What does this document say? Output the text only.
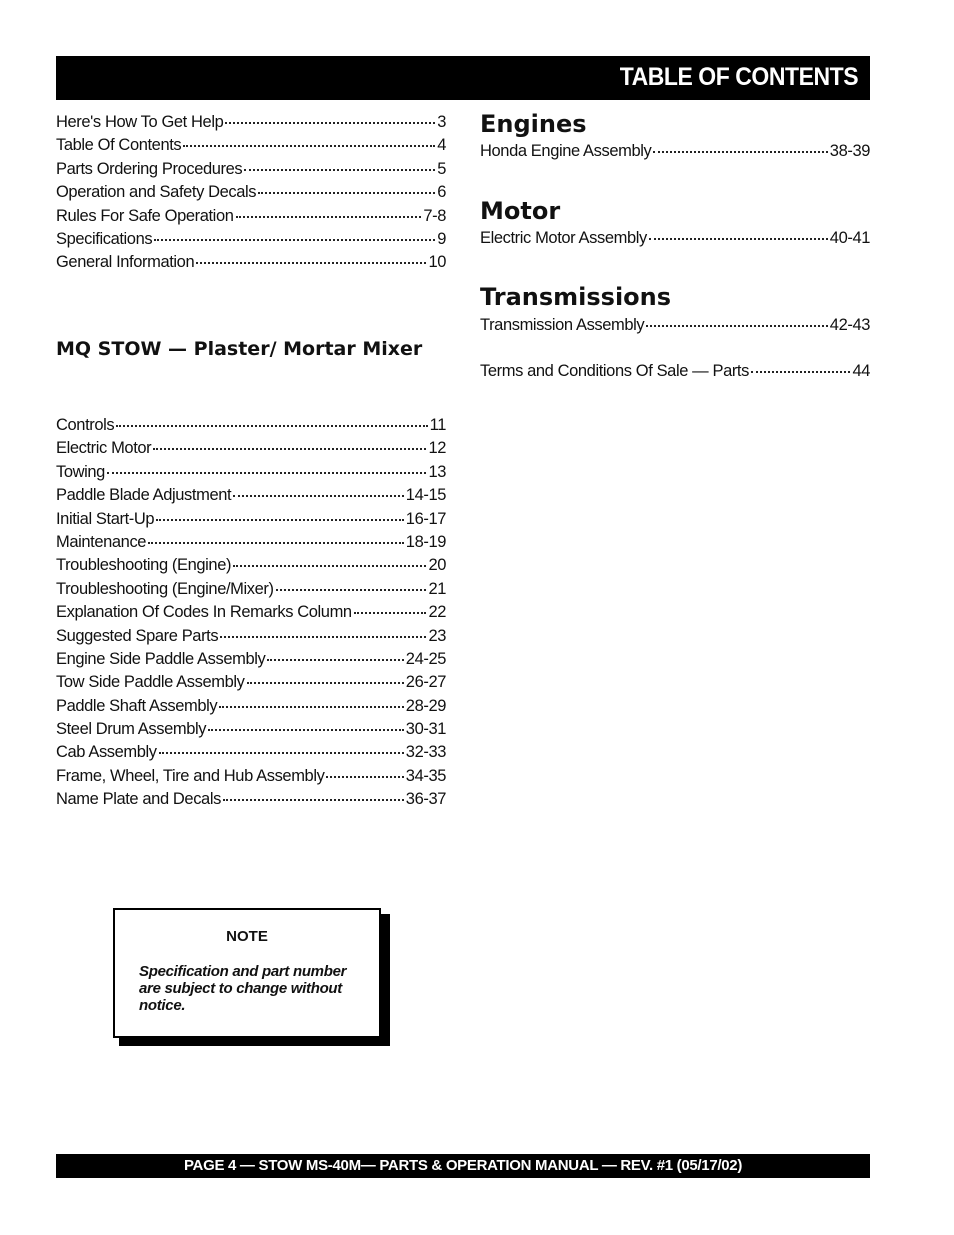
TABLE OF CONTENTS
Here's How To Get Help	3
Table Of Contents	4
Parts Ordering Procedures	5
Operation and Safety Decals	6
Rules For Safe Operation	7-8
Specifications	9
General Information	10
MQ STOW — Plaster/ Mortar Mixer
Controls	11
Electric Motor	12
Towing	13
Paddle Blade Adjustment	14-15
Initial Start-Up	16-17
Maintenance	18-19
Troubleshooting (Engine)	20
Troubleshooting (Engine/Mixer)	21
Explanation Of Codes In Remarks Column	22
Suggested Spare Parts	23
Engine Side Paddle Assembly	24-25
Tow Side Paddle Assembly	26-27
Paddle Shaft Assembly	28-29
Steel Drum Assembly	30-31
Cab Assembly	32-33
Frame, Wheel, Tire and Hub Assembly	34-35
Name Plate and Decals	36-37
Engines
Honda Engine Assembly	38-39
Motor
Electric Motor Assembly	40-41
Transmissions
Transmission Assembly	42-43
Terms and Conditions Of Sale — Parts	44
NOTE
Specification and part number are subject to change without notice.
PAGE 4 — STOW MS-40M— PARTS & OPERATION MANUAL — REV. #1 (05/17/02)
